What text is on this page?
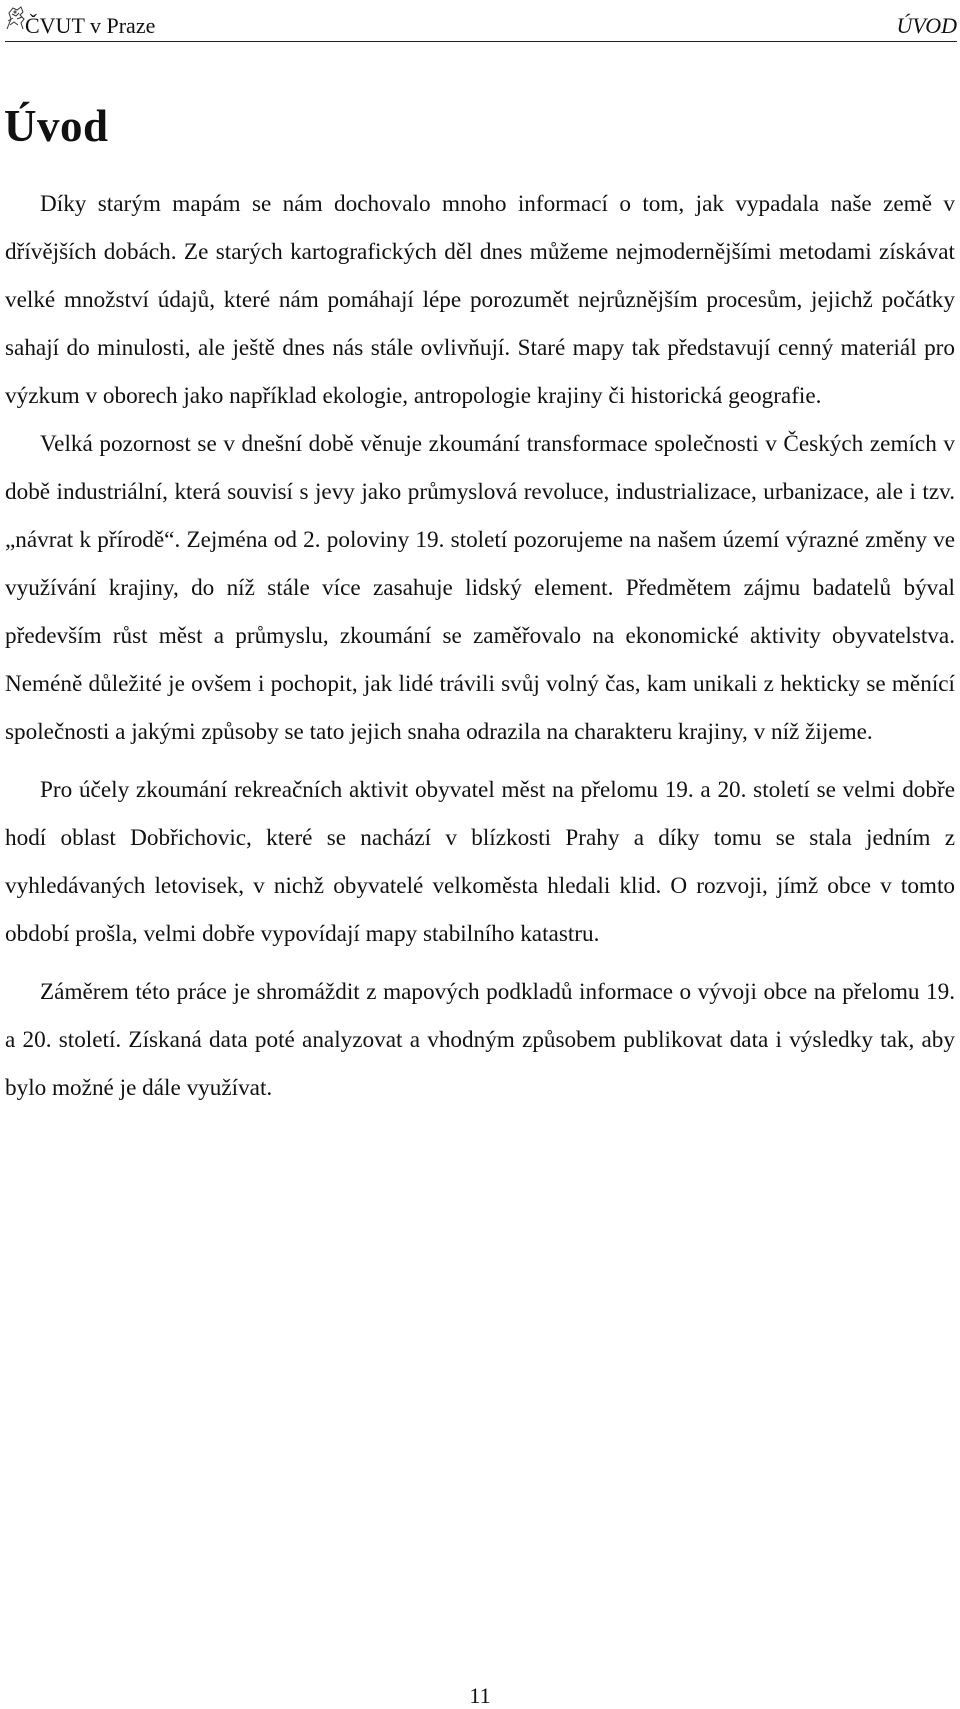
ČVUT v Praze	ÚVOD
Úvod

Díky starým mapám se nám dochovalo mnoho informací o tom, jak vypadala naše země v dřívějších dobách. Ze starých kartografických děl dnes můžeme nejmodernějšími metodami získávat velké množství údajů, které nám pomáhají lépe porozumět nejrůznějším procesům, jejichž počátky sahají do minulosti, ale ještě dnes nás stále ovlivňují. Staré mapy tak představují cenný materiál pro výzkum v oborech jako například ekologie, antropologie krajiny či historická geografie.

Velká pozornost se v dnešní době věnuje zkoumání transformace společnosti v Českých zemích v době industriální, která souvisí s jevy jako průmyslová revoluce, industrializace, urbanizace, ale i tzv. „návrat k přírodě“. Zejména od 2. poloviny 19. století pozorujeme na našem území výrazné změny ve využívání krajiny, do níž stále více zasahuje lidský element. Předmětem zájmu badatelů býval především růst měst a průmyslu, zkoumání se zaměřovalo na ekonomické aktivity obyvatelstva. Neméně důležité je ovšem i pochopit, jak lidé trávili svůj volný čas, kam unikali z hekticky se měnící společnosti a jakými způsoby se tato jejich snaha odrazila na charakteru krajiny, v níž žijeme.

Pro účely zkoumání rekreačních aktivit obyvatel měst na přelomu 19. a 20. století se velmi dobře hodí oblast Dobřichovic, které se nachází v blízkosti Prahy a díky tomu se stala jedním z vyhledávaných letovisek, v nichž obyvatelé velkoměsta hledali klid. O rozvoji, jímž obce v tomto období prošla, velmi dobře vypovídají mapy stabilního katastru.

Záměrem této práce je shromáždit z mapových podkladů informace o vývoji obce na přelomu 19. a 20. století. Získaná data poté analyzovat a vhodným způsobem publikovat data i výsledky tak, aby bylo možné je dále využívat.

11
